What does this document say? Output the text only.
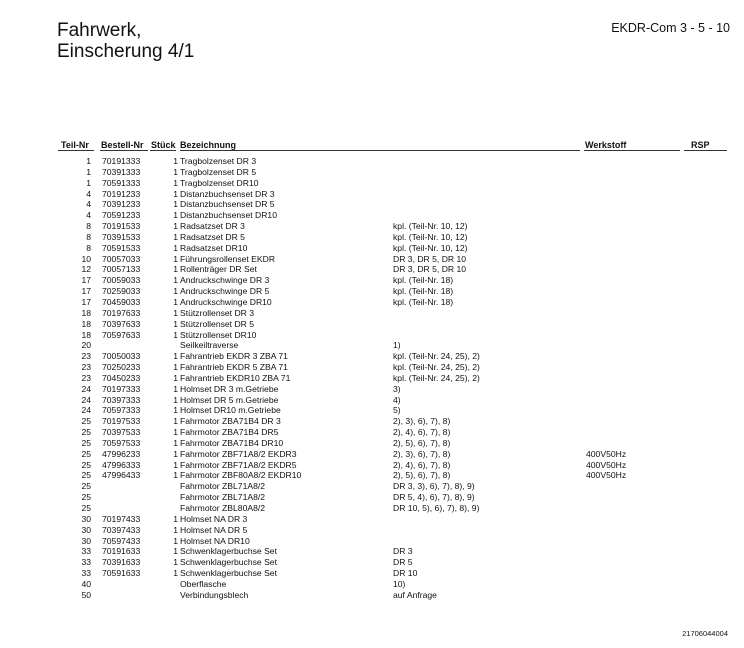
Fahrwerk,
Einscherung 4/1
EKDR-Com 3 - 5 - 10
Teil-Nr Bestell-Nr Stück Bezeichnung	Werkstoff	RSP
1 70191333	1 Tragbolzenset DR 3
1 70391333	1 Tragbolzenset DR 5
1 70591333	1 Tragbolzenset DR10
4 70191233	1 Distanzbuchsenset DR 3
4 70391233	1 Distanzbuchsenset DR 5
4 70591233	1 Distanzbuchsenset DR10
8 70191533	1 Radsatzset DR 3	kpl. (Teil-Nr. 10, 12)
8 70391533	1 Radsatzset DR 5	kpl. (Teil-Nr. 10, 12)
8 70591533	1 Radsatzset DR10	kpl. (Teil-Nr. 10, 12)
10 70057033	1 Führungsrollenset EKDR	DR 3, DR 5, DR 10
12 70057133	1 Rollenträger DR Set	DR 3, DR 5, DR 10
17 70059033	1 Andruckschwinge DR 3	kpl. (Teil-Nr. 18)
17 70259033	1 Andruckschwinge DR 5	kpl. (Teil-Nr. 18)
17 70459033	1 Andruckschwinge DR10	kpl. (Teil-Nr. 18)
18 70197633	1 Stützrollenset DR 3
18 70397633	1 Stützrollenset DR 5
18 70597633	1 Stützrollenset DR10
20	Seilkeiltraverse	1)
23 70050033	1 Fahrantrieb EKDR 3 ZBA 71	kpl. (Teil-Nr. 24, 25), 2)
23 70250233	1 Fahrantrieb EKDR 5 ZBA 71	kpl. (Teil-Nr. 24, 25), 2)
23 70450233	1 Fahrantrieb EKDR10 ZBA 71	kpl. (Teil-Nr. 24, 25), 2)
24 70197333	1 Holmset DR 3 m.Getriebe	3)
24 70397333	1 Holmset DR 5 m.Getriebe	4)
24 70597333	1 Holmset DR10 m.Getriebe	5)
25 70197533	1 Fahrmotor ZBA71B4 DR 3	2), 3), 6), 7), 8)
25 70397533	1 Fahrmotor ZBA71B4 DR5	2), 4), 6), 7), 8)
25 70597533	1 Fahrmotor ZBA71B4 DR10	2), 5), 6), 7), 8)
25 47996233	1 Fahrmotor ZBF71A8/2 EKDR3	2), 3), 6), 7), 8)	400V50Hz
25 47996333	1 Fahrmotor ZBF71A8/2 EKDR5	2), 4), 6), 7), 8)	400V50Hz
25 47996433	1 Fahrmotor ZBF80A8/2 EKDR10	2), 5), 6), 7), 8)	400V50Hz
25	Fahrmotor ZBL71A8/2	DR 3, 3), 6), 7), 8), 9)
25	Fahrmotor ZBL71A8/2	DR 5, 4), 6), 7), 8), 9)
25	Fahrmotor ZBL80A8/2	DR 10, 5), 6), 7), 8), 9)
30 70197433	1 Holmset NA DR 3
30 70397433	1 Holmset NA DR 5
30 70597433	1 Holmset NA DR10
33 70191633	1 Schwenklagerbuchse Set	DR 3
33 70391633	1 Schwenklagerbuchse Set	DR 5
33 70591633	1 Schwenklagerbuchse Set	DR 10
40	Oberflasche	10)
50	Verbindungsblech	auf Anfrage
21706044004
